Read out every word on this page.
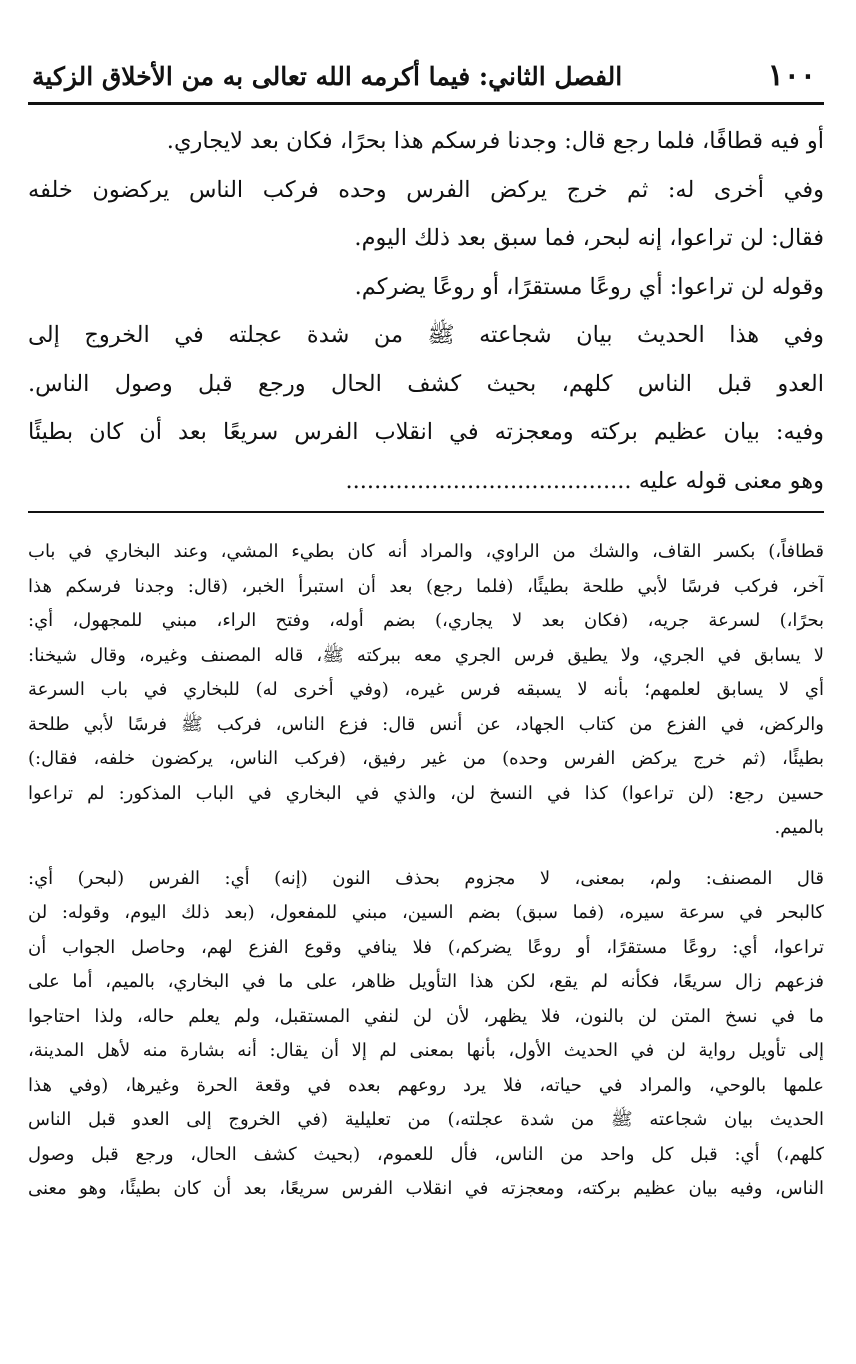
١٠٠
الفصل الثاني: فيما أكرمه الله تعالى به من الأخلاق الزكية
أو فيه قطافًا، فلما رجع قال: وجدنا فرسكم هذا بحرًا، فكان بعد لايجاري.
وفي أخرى له: ثم خرج يركض الفرس وحده فركب الناس يركضون خلفه
فقال: لن تراعوا، إنه لبحر، فما سبق بعد ذلك اليوم.
وقوله لن تراعوا: أي روعًا مستقرًا، أو روعًا يضركم.
وفي هذا الحديث بيان شجاعته ﷺ من شدة عجلته في الخروج إلى
العدو قبل الناس كلهم، بحيث كشف الحال ورجع قبل وصول الناس.
وفيه: بيان عظيم بركته ومعجزته في انقلاب الفرس سريعًا بعد أن كان بطيئًا
وهو معنى قوله عليه ........................................
قطافاً،) بكسر القاف، والشك من الراوي، والمراد أنه كان بطيء المشي، وعند البخاري في باب
آخر، فركب فرسًا لأبي طلحة بطيئًا، (فلما رجع) بعد أن استبرأ الخبر، (قال: وجدنا فرسكم هذا
بحرًا،) لسرعة جريه، (فكان بعد لا يجاري،) بضم أوله، وفتح الراء، مبني للمجهول، أي:
لا يسابق في الجري، ولا يطيق فرس الجري معه ببركته ﷺ، قاله المصنف وغيره، وقال شيخنا:
أي لا يسابق لعلمهم؛ بأنه لا يسبقه فرس غيره، (وفي أخرى له) للبخاري في باب السرعة
والركض، في الفزع من كتاب الجهاد، عن أنس قال: فزع الناس، فركب ﷺ فرسًا لأبي طلحة
بطيئًا، (ثم خرج يركض الفرس وحده) من غير رفيق، (فركب الناس، يركضون خلفه، فقال:)
حسين رجع: (لن تراعوا) كذا في النسخ لن، والذي في البخاري في الباب المذكور: لم تراعوا
بالميم.
قال المصنف: ولم، بمعنى، لا مجزوم بحذف النون (إنه) أي: الفرس (لبحر) أي:
كالبحر في سرعة سيره، (فما سبق) بضم السين، مبني للمفعول، (بعد ذلك اليوم، وقوله: لن
تراعوا، أي: روعًا مستقرًا، أو روعًا يضركم،) فلا ينافي وقوع الفزع لهم، وحاصل الجواب أن
فزعهم زال سريعًا، فكأنه لم يقع، لكن هذا التأويل ظاهر، على ما في البخاري، بالميم، أما على
ما في نسخ المتن لن بالنون، فلا يظهر، لأن لن لنفي المستقبل، ولم يعلم حاله، ولذا احتاجوا
إلى تأويل رواية لن في الحديث الأول، بأنها بمعنى لم إلا أن يقال: أنه بشارة منه لأهل المدينة،
علمها بالوحي، والمراد في حياته، فلا يرد روعهم بعده في وقعة الحرة وغيرها، (وفي هذا
الحديث بيان شجاعته ﷺ من شدة عجلته،) من تعليلية (في الخروج إلى العدو قبل الناس
كلهم،) أي: قبل كل واحد من الناس، فأل للعموم، (بحيث كشف الحال، ورجع قبل وصول
الناس، وفيه بيان عظيم بركته، ومعجزته في انقلاب الفرس سريعًا، بعد أن كان بطيئًا، وهو معنى
